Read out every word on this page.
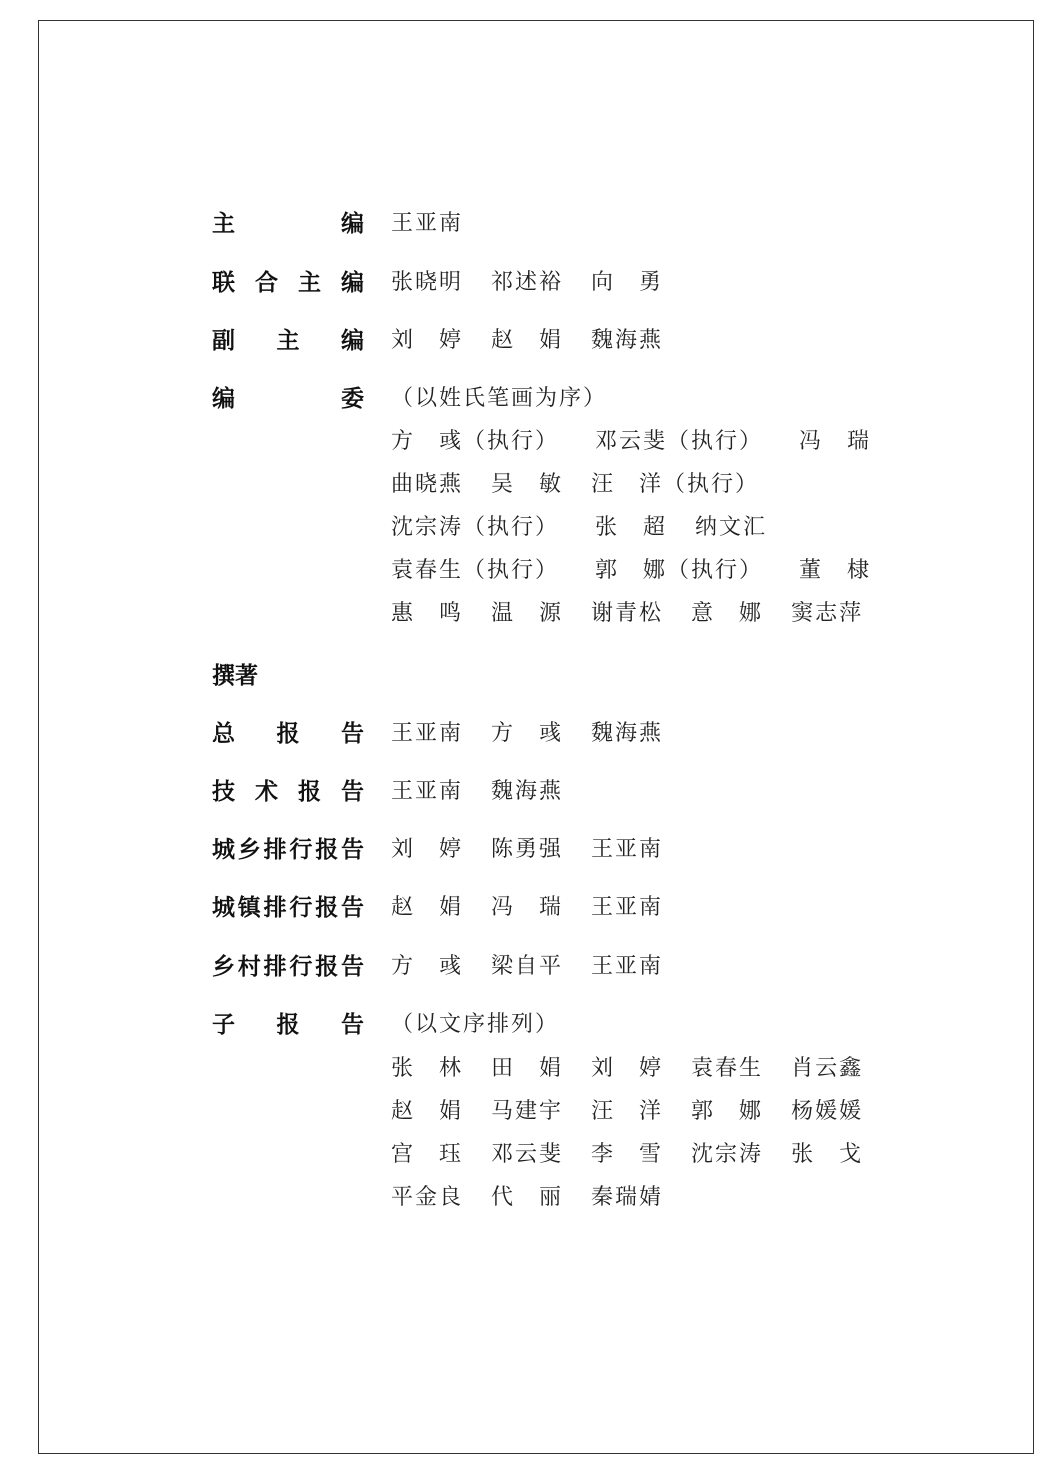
主	编 王亚南
联 合 主 编 张晓明 祁述裕 向　勇
副 主 编 刘　婷 赵　娟 魏海燕
编	委 （以姓氏笔画为序）
方　彧（执行） 邓云斐（执行） 冯　瑞
曲晓燕 吴　敏 汪　洋（执行）
沈宗涛（执行） 张　超 纳文汇
袁春生（执行） 郭　娜（执行） 董　棣
惠　鸣 温　源 谢青松 意　娜 窦志萍
撰著
总 报 告 王亚南 方　彧 魏海燕
技 术 报 告 王亚南 魏海燕
城 乡 排 行 报 告 刘　婷 陈勇强 王亚南
城 镇 排 行 报 告 赵　娟 冯　瑞 王亚南
乡 村 排 行 报 告 方　彧 梁自平 王亚南
子 报 告 （以文序排列）
张　林 田　娟 刘　婷 袁春生 肖云鑫
赵　娟 马建宇 汪　洋 郭　娜 杨媛媛
宫　珏 邓云斐 李　雪 沈宗涛 张　戈
平金良 代　丽 秦瑞婧
